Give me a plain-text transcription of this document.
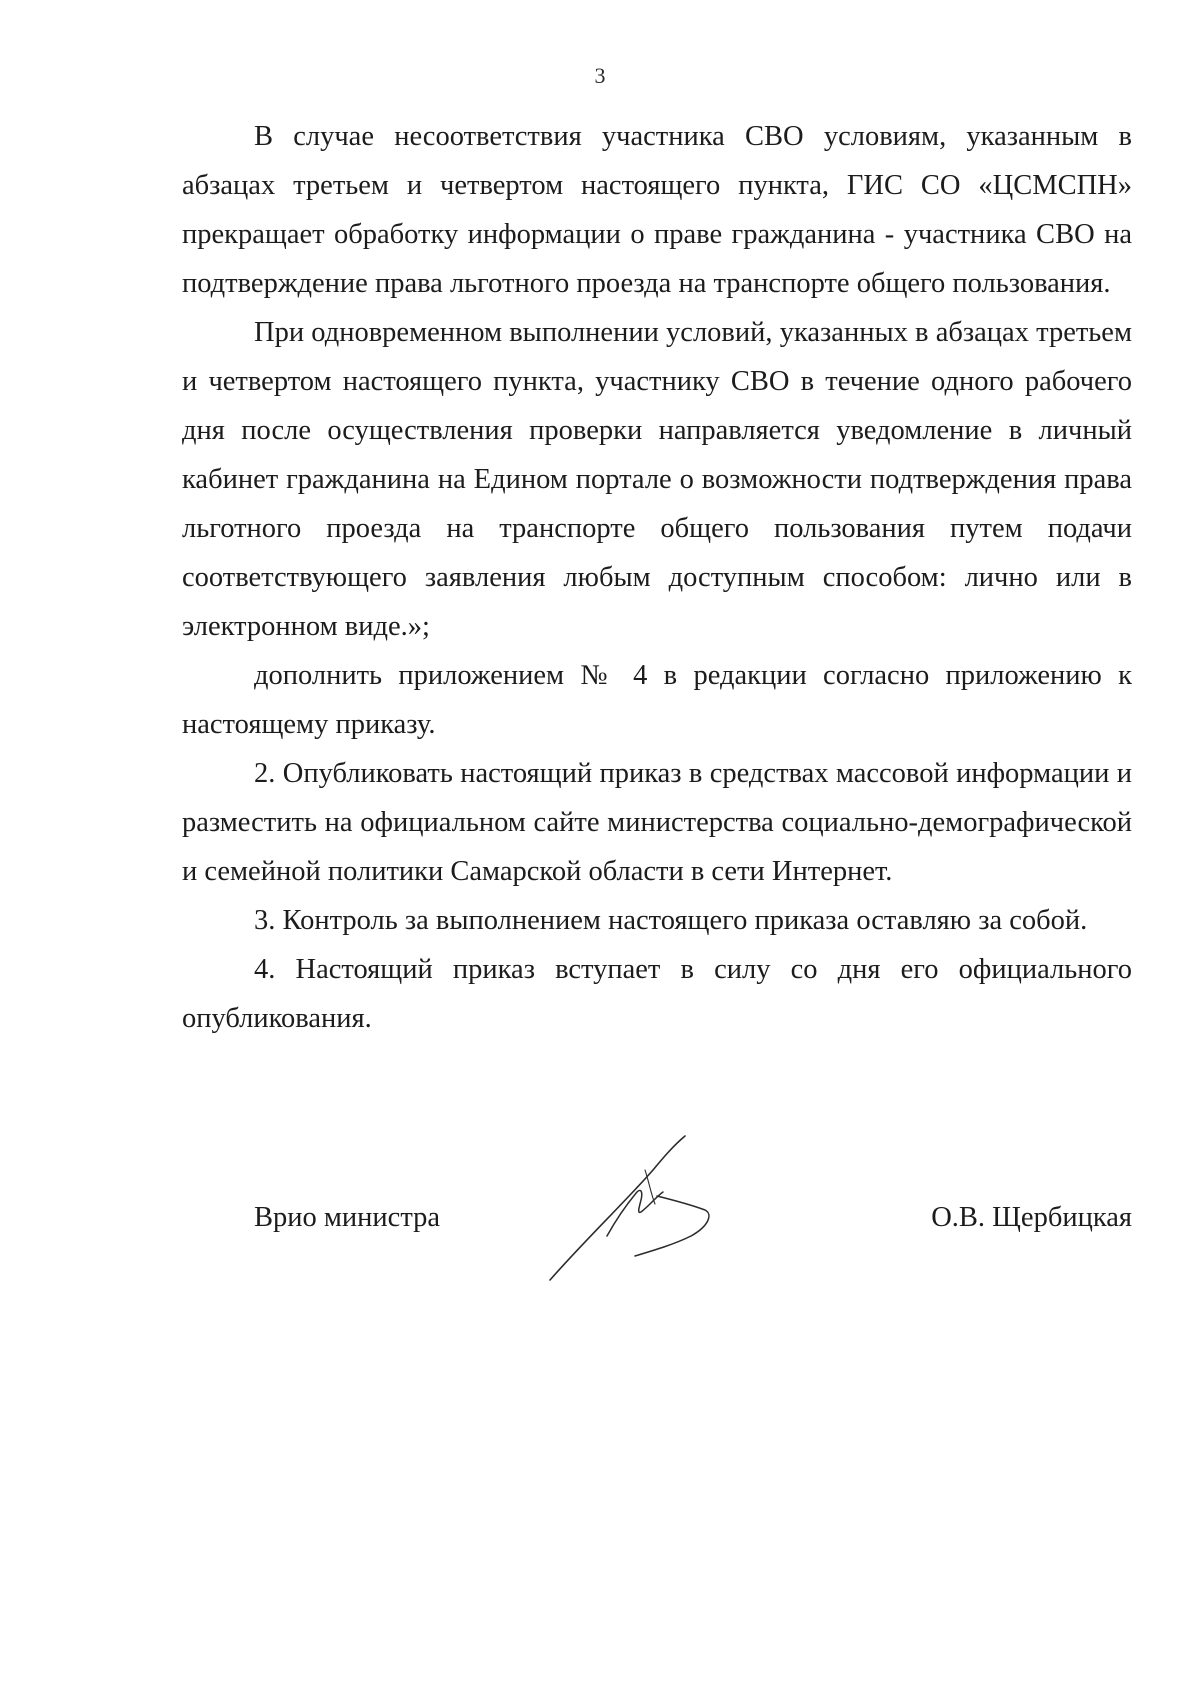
3

В случае несоответствия участника СВО условиям, указанным в абзацах третьем и четвертом настоящего пункта, ГИС СО «ЦСМСПН» прекращает обработку информации о праве гражданина - участника СВО на подтверждение права льготного проезда на транспорте общего пользования.

При одновременном выполнении условий, указанных в абзацах третьем и четвертом настоящего пункта, участнику СВО в течение одного рабочего дня после осуществления проверки направляется уведомление в личный кабинет гражданина на Едином портале о возможности подтверждения права льготного проезда на транспорте общего пользования путем подачи соответствующего заявления любым доступным способом: лично или в электронном виде.»;

дополнить приложением № 4 в редакции согласно приложению к настоящему приказу.

2. Опубликовать настоящий приказ в средствах массовой информации и разместить на официальном сайте министерства социально-демографической и семейной политики Самарской области в сети Интернет.

3. Контроль за выполнением настоящего приказа оставляю за собой.

4. Настоящий приказ вступает в силу со дня его официального опубликования.

Врио министра	О.В. Щербицкая
